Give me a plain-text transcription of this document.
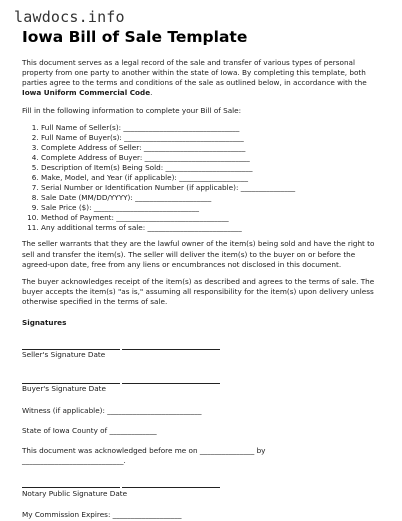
lawdocs.info
Iowa Bill of Sale Template

This document serves as a legal record of the sale and transfer of various types of personal property from one party to another within the state of Iowa. By completing this template, both parties agree to the terms and conditions of the sale as outlined below, in accordance with the Iowa Uniform Commercial Code.

Fill in the following information to complete your Bill of Sale:

1. Full Name of Seller(s): ________________________________
2. Full Name of Buyer(s): _________________________________
3. Complete Address of Seller: ____________________________
4. Complete Address of Buyer: _____________________________
5. Description of Item(s) Being Sold: ________________________
6. Make, Model, and Year (if applicable): ___________________
7. Serial Number or Identification Number (if applicable): _______________
8. Sale Date (MM/DD/YYYY): _____________________
9. Sale Price ($): _____________________________
10. Method of Payment: _______________________________
11. Any additional terms of sale: __________________________

The seller warrants that they are the lawful owner of the item(s) being sold and have the right to sell and transfer the item(s). The seller will deliver the item(s) to the buyer on or before the agreed-upon date, free from any liens or encumbrances not disclosed in this document.

The buyer acknowledges receipt of the item(s) as described and agrees to the terms of sale. The buyer accepts the item(s) "as is," assuming all responsibility for the item(s) upon delivery unless otherwise specified in the terms of sale.

Signatures

Seller's Signature Date

Buyer's Signature Date

Witness (if applicable): __________________________

State of Iowa County of _____________

This document was acknowledged before me on _______________ by

____________________________.

Notary Public Signature Date

My Commission Expires: ___________________
